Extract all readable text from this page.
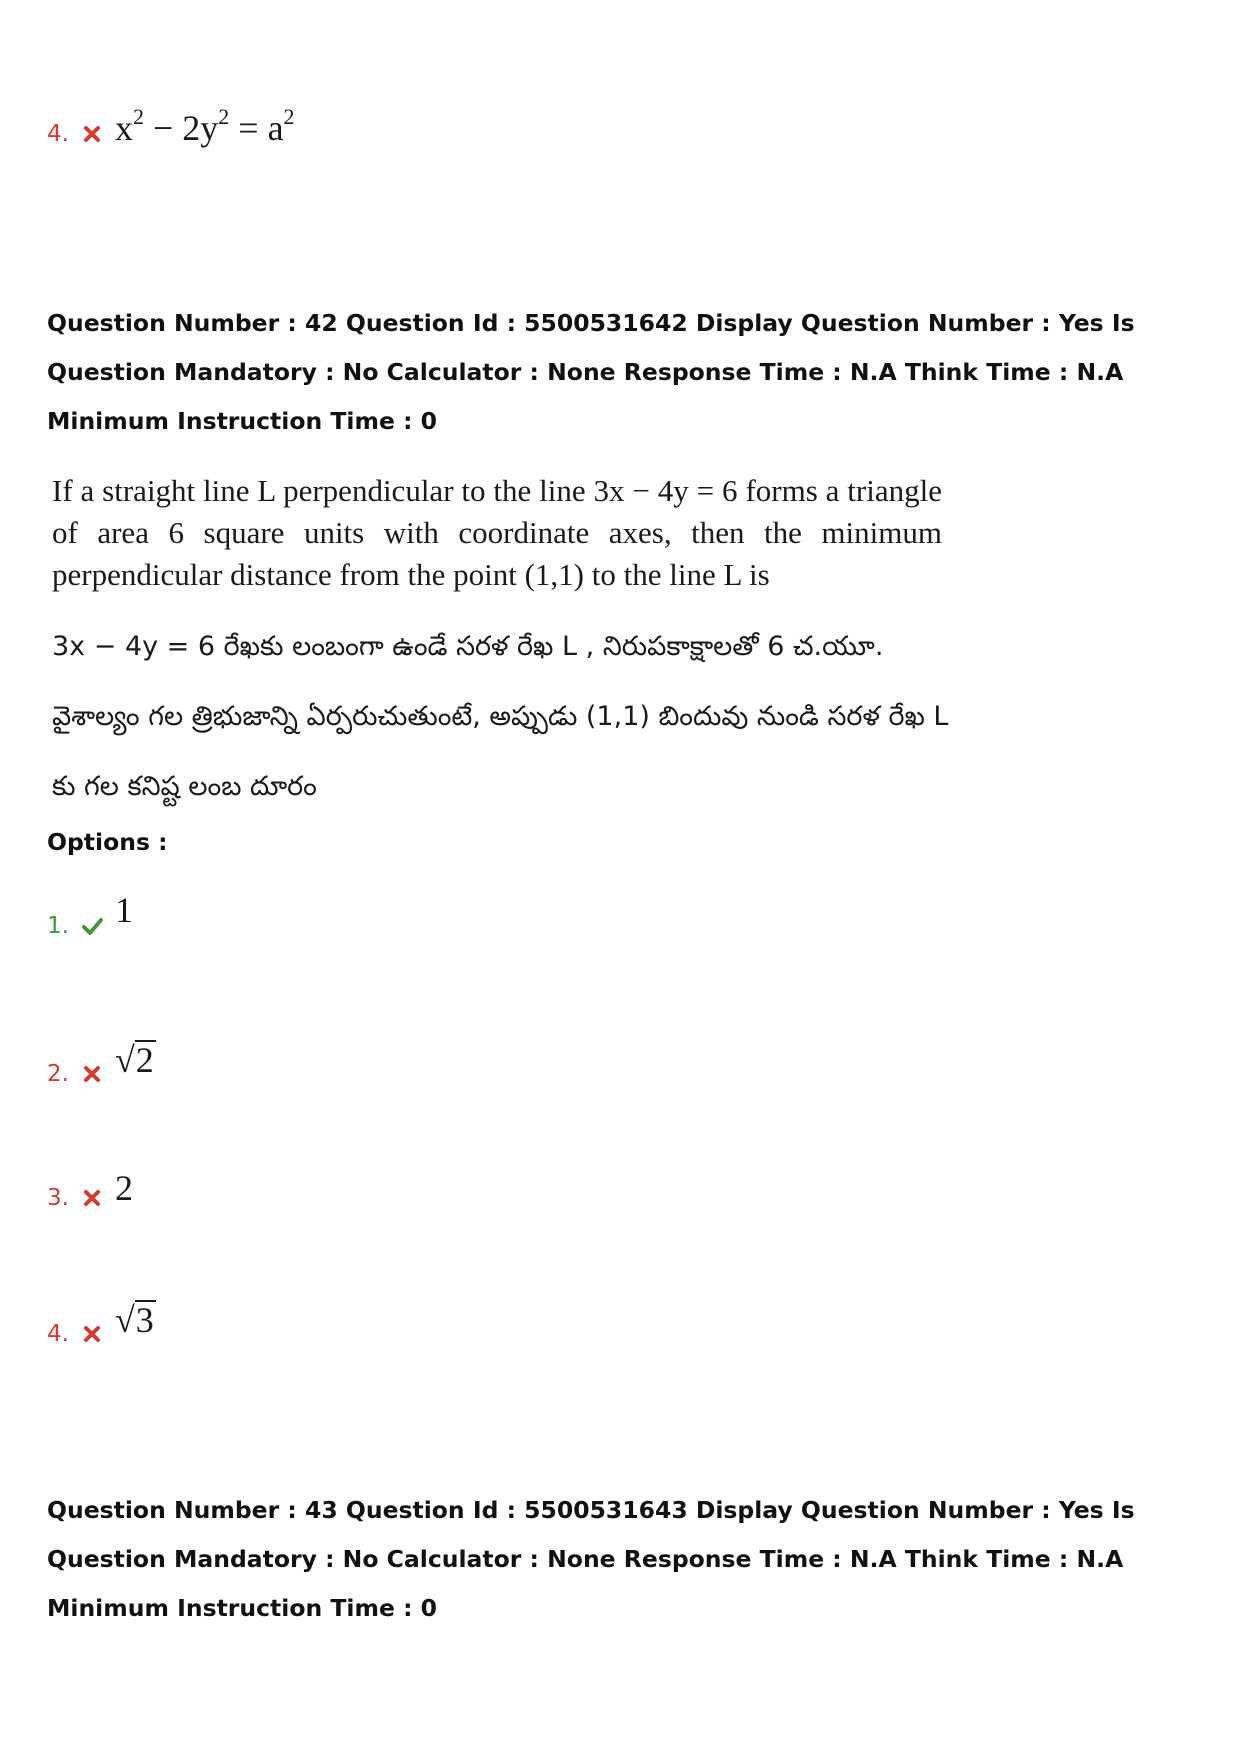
4. $x^2 - 2y^2 = a^2$
Question Number : 42 Question Id : 5500531642 Display Question Number : Yes Is Question Mandatory : No Calculator : None Response Time : N.A Think Time : N.A Minimum Instruction Time : 0
If a straight line L perpendicular to the line 3x − 4y = 6 forms a triangle of area 6 square units with coordinate axes, then the minimum perpendicular distance from the point (1,1) to the line L is
3x − 4y = 6 రేఖకు లంబంగా ఉండే సరళ రేఖ L , నిరుపకాక్షాలతో 6 చ.యూ. వైశాల్యం గల త్రిభుజాన్ని ఏర్పరుచుతుంటే, అప్పుడు (1,1) బిందువు నుండి సరళ రేఖ L కు గల కనిష్ట లంబ దూరం
Options :
1. 1
2. √ 2
3. 2
4. √ 3
Question Number : 43 Question Id : 5500531643 Display Question Number : Yes Is Question Mandatory : No Calculator : None Response Time : N.A Think Time : N.A Minimum Instruction Time : 0
